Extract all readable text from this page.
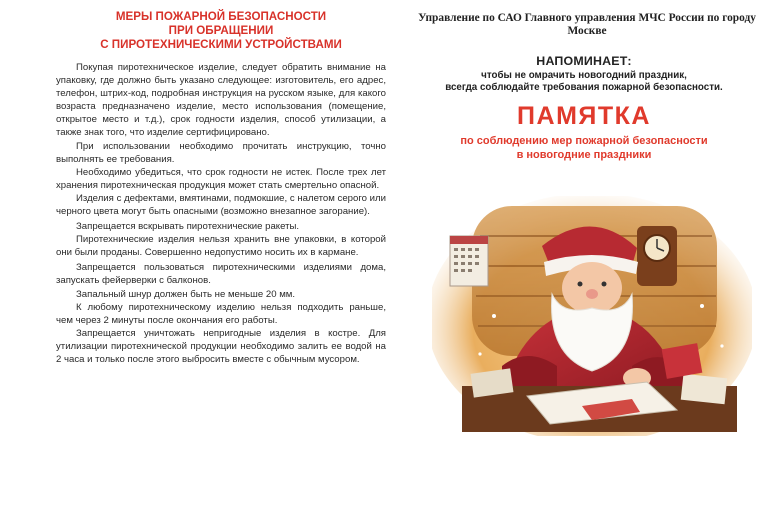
МЕРЫ ПОЖАРНОЙ БЕЗОПАСНОСТИ
ПРИ ОБРАЩЕНИИ
С ПИРОТЕХНИЧЕСКИМИ УСТРОЙСТВАМИ

Покупая пиротехническое изделие, следует обратить внимание на упаковку, где должно быть указано следующее: изготовитель, его адрес, телефон, штрих-код, подробная инструкция на русском языке, для какого возраста предназначено изделие, место использования (помещение, открытое место и т.д.), срок годности изделия, способ утилизации, а также знак того, что изделие сертифицировано.

При использовании необходимо прочитать инструкцию, точно выполнять ее требования.

Необходимо убедиться, что срок годности не истек. После трех лет хранения пиротехническая продукция может стать смертельно опасной.

Изделия с дефектами, вмятинами, подмокшие, с налетом серого или черного цвета могут быть опасными (возможно внезапное загорание).

Запрещается вскрывать пиротехнические ракеты.

Пиротехнические изделия нельзя хранить вне упаковки, в которой они были проданы. Совершенно недопустимо носить их в кармане.

Запрещается пользоваться пиротехническими изделиями дома, запускать фейерверки с балконов.

Запальный шнур должен быть не меньше 20 мм.

К любому пиротехническому изделию нельзя подходить раньше, чем через 2 минуты после окончания его работы.

Запрещается уничтожать непригодные изделия в костре. Для утилизации пиротехнической продукции необходимо залить ее водой на 2 часа и только после этого выбросить вместе с обычным мусором.

Управление по САО Главного управления МЧС России по городу Москве
НАПОМИНАЕТ:
чтобы не омрачить новогодний праздник,
всегда соблюдайте требования пожарной безопасности.
ПАМЯТКА
по соблюдению мер пожарной безопасности
в новогодние праздники
